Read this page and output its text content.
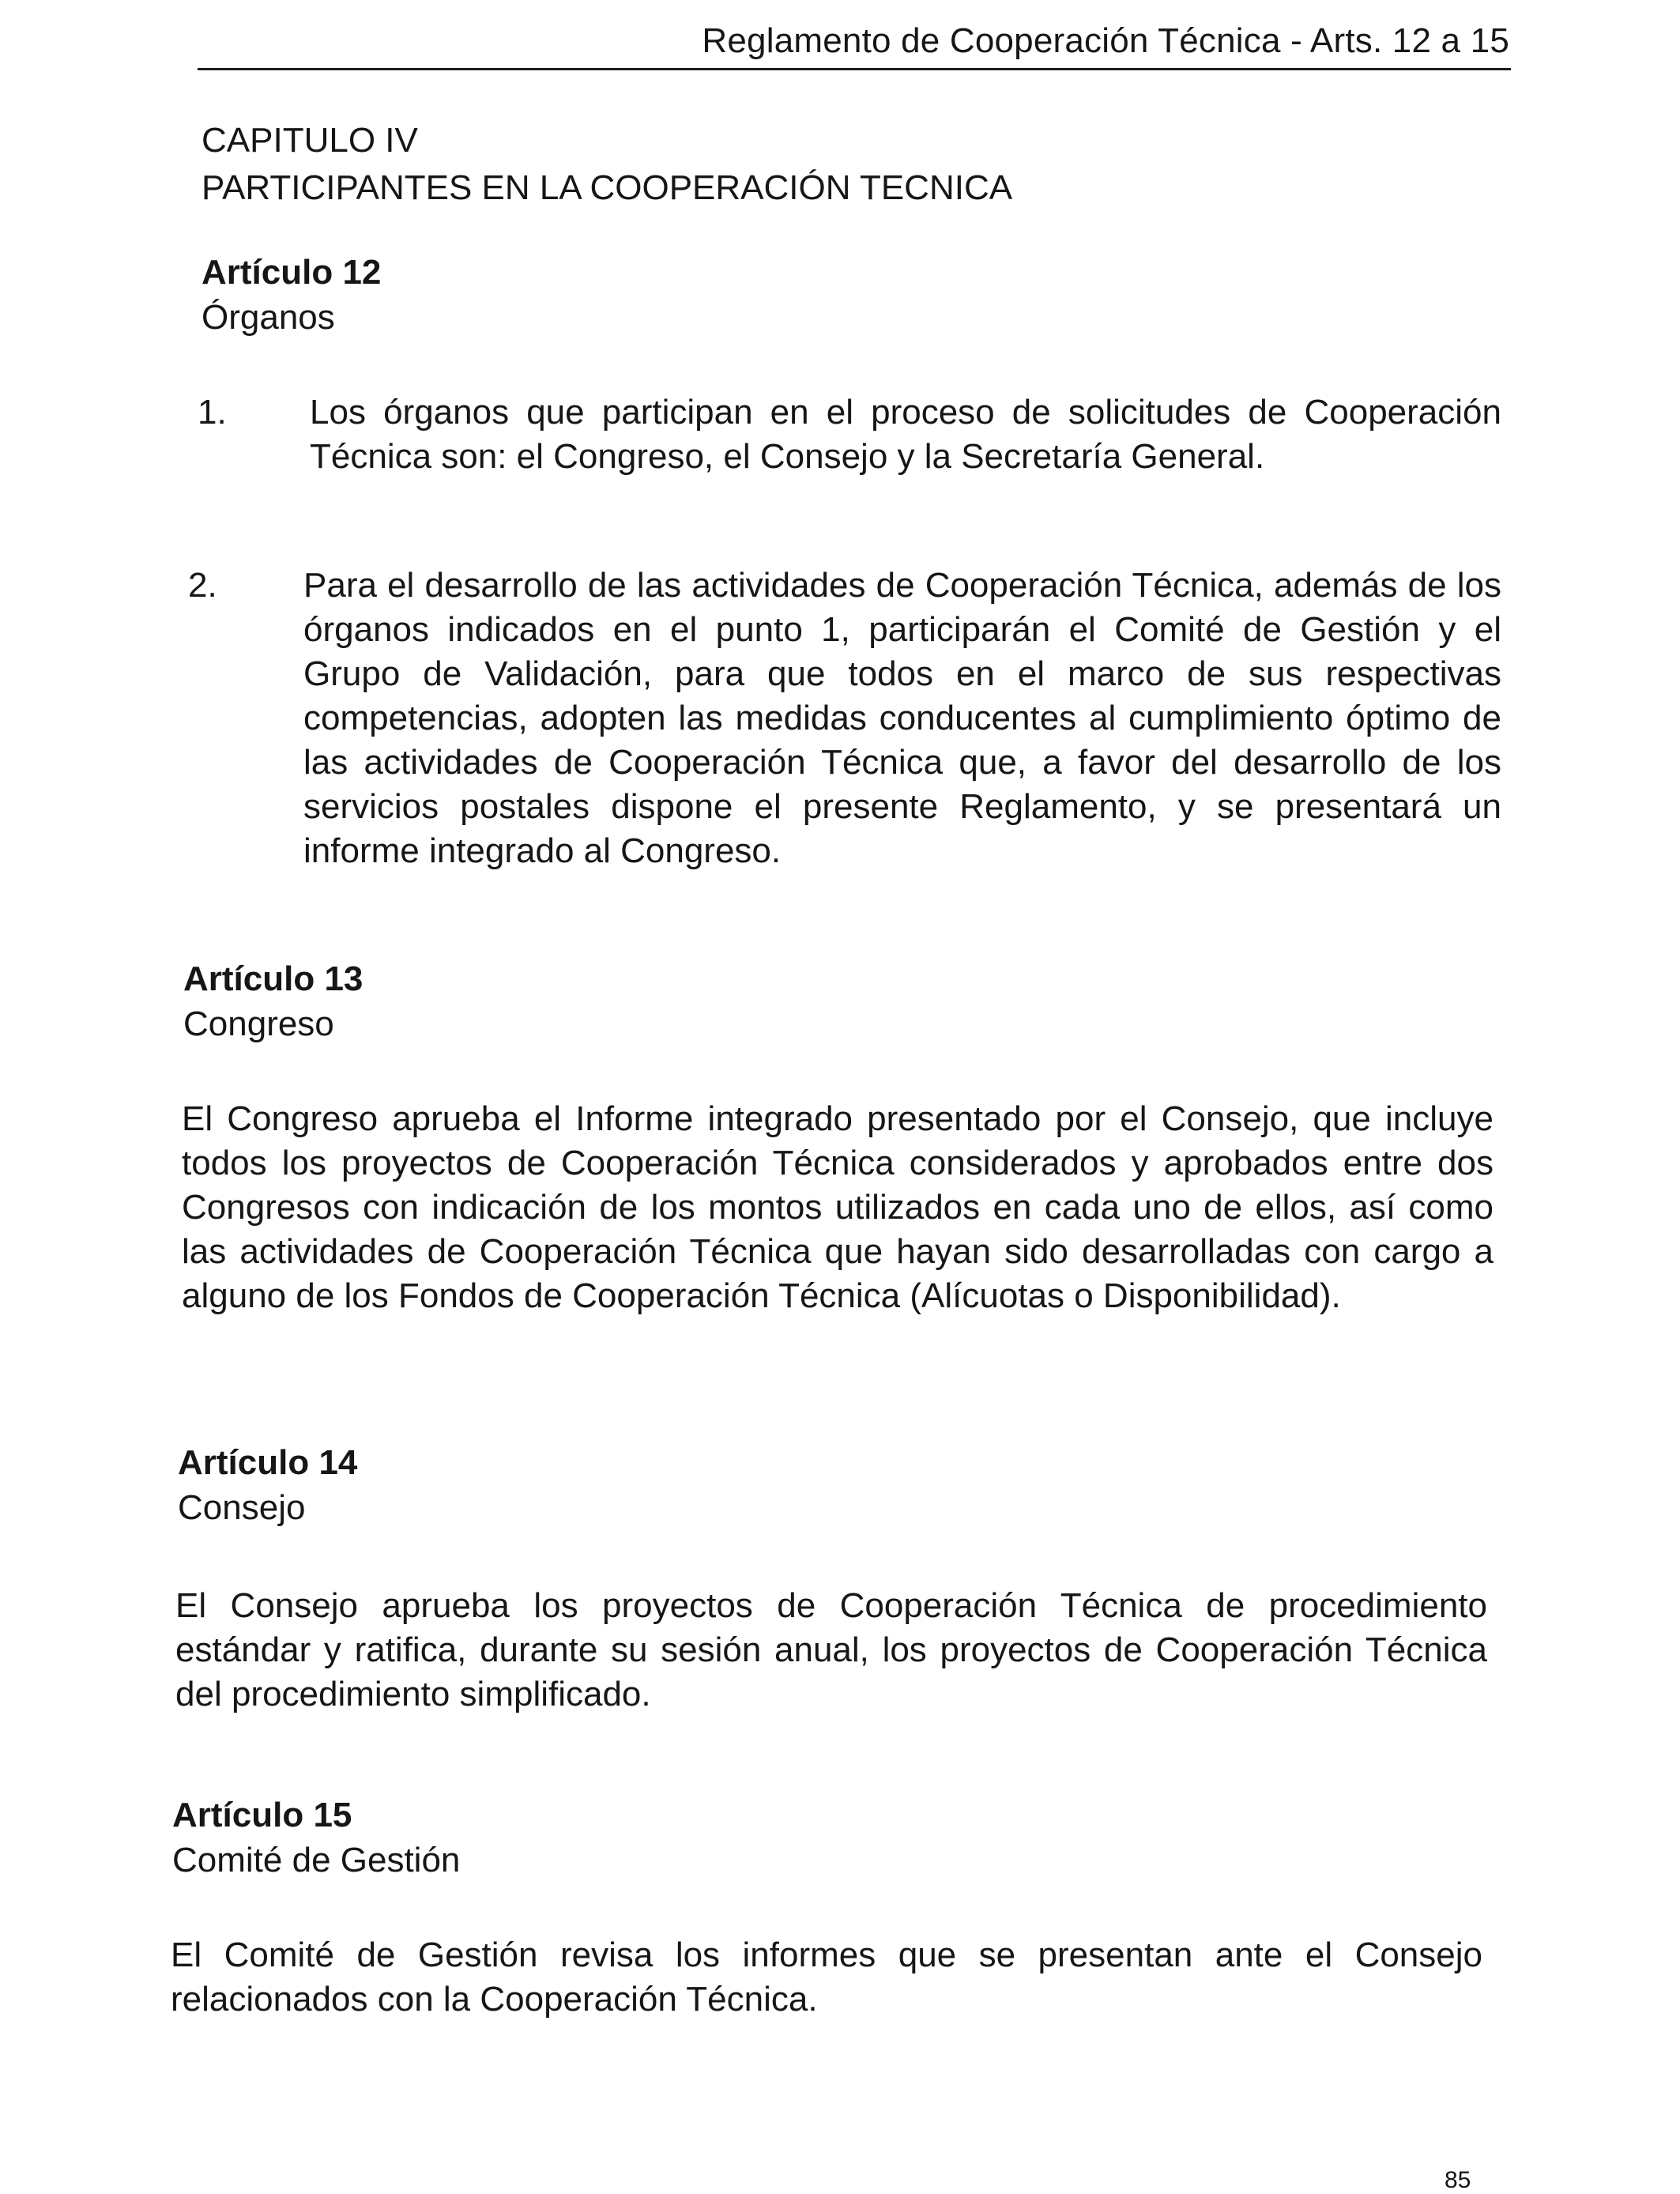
Reglamento de Cooperación Técnica - Arts. 12 a 15
CAPITULO IV
PARTICIPANTES EN LA COOPERACIÓN TECNICA
Artículo 12
Órganos
1. Los órganos que participan en el proceso de solicitudes de Cooperación Técnica son: el Congreso, el Consejo y la Secretaría General.
2. Para el desarrollo de las actividades de Cooperación Técnica, además de los órganos indicados en el punto 1, participarán el Comité de Gestión y el Grupo de Validación, para que todos en el marco de sus respectivas competencias, adopten las medidas conducentes al cumplimiento óptimo de las actividades de Cooperación Técnica que, a favor del desarrollo de los servicios postales dispone el presente Reglamento, y se presentará un informe integrado al Congreso.
Artículo 13
Congreso
El Congreso aprueba el Informe integrado presentado por el Consejo, que incluye todos los proyectos de Cooperación Técnica considerados y aprobados entre dos Congresos con indicación de los montos utilizados en cada uno de ellos, así como las actividades de Cooperación Técnica que hayan sido desarrolladas con cargo a alguno de los Fondos de Cooperación Técnica (Alícuotas o Disponibilidad).
Artículo 14
Consejo
El Consejo aprueba los proyectos de Cooperación Técnica de procedimiento estándar y ratifica, durante su sesión anual, los proyectos de Cooperación Técnica del procedimiento simplificado.
Artículo 15
Comité de Gestión
El Comité de Gestión revisa los informes que se presentan ante el Consejo relacionados con la Cooperación Técnica.
85
